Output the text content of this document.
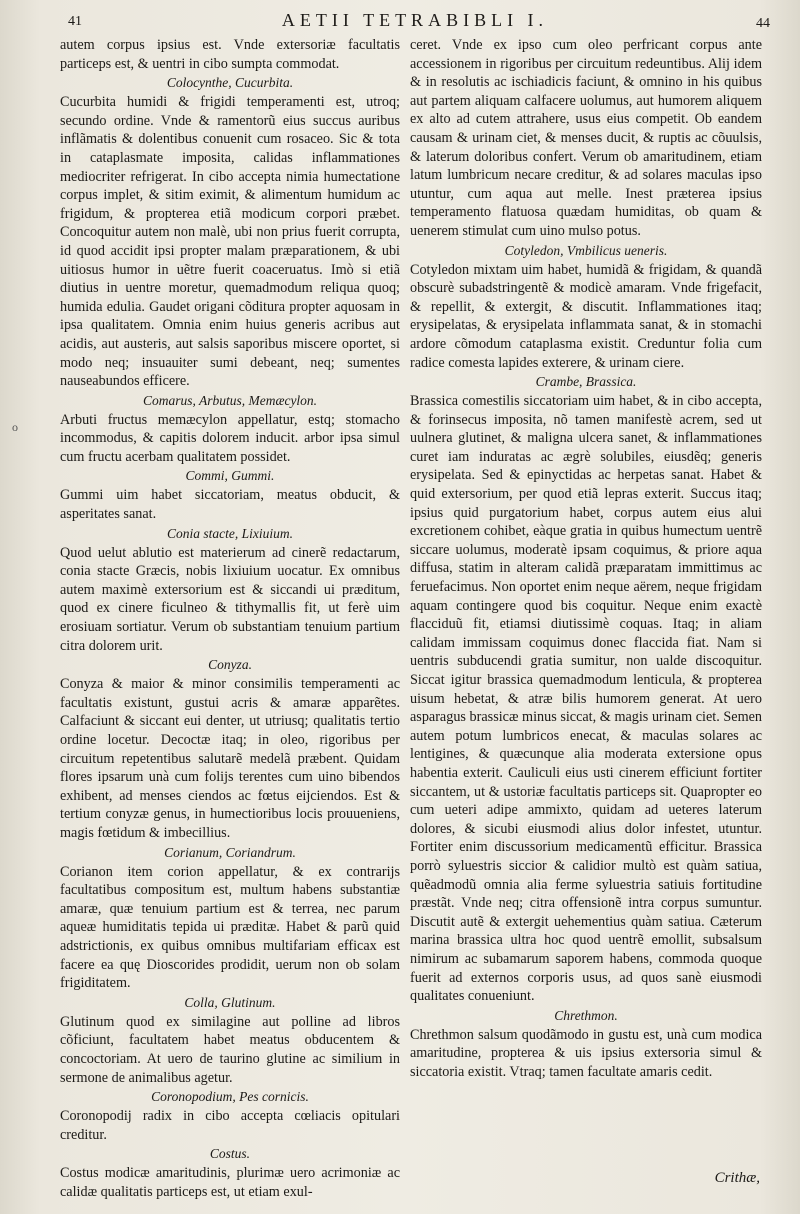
41	AETII TETRABIBLI I.	44
o

autem corpus ipsius est. Vnde extersoriæ facultatis particeps est, & uentri in cibo sumpta commodat.

Colocynthe, Cucurbita.

Cucurbita humidi & frigidi temperamenti est, utroq; secundo ordine. Vnde & ramentorũ eius succus auribus inflãmatis & dolentibus conuenit cum rosaceo. Sic & tota in cataplasmate imposita, calidas inflammationes mediocriter refrigerat. In cibo accepta nimia humectatione corpus implet, & sitim eximit, & alimentum humidum ac frigidum, & propterea etiã modicum corpori præbet. Concoquitur autem non malè, ubi non prius fuerit corrupta, id quod accidit ipsi propter malam præparationem, & ubi uitiosus humor in uẽtre fuerit coaceruatus. Imò si etiã diutius in uentre moretur, quemadmodum reliqua quoq; humida edulia. Gaudet origani cõditura propter aquosam in ipsa qualitatem. Omnia enim huius generis acribus aut acidis, aut austeris, aut salsis saporibus miscere oportet, si modo neq; insuauiter sumi debeant, neq; sumentes nauseabundos efficere.

Comarus, Arbutus, Memæcylon.

Arbuti fructus memæcylon appellatur, estq; stomacho incommodus, & capitis dolorem inducit. arbor ipsa simul cum fructu acerbam qualitatem possidet.

Commi, Gummi.

Gummi uim habet siccatoriam, meatus obducit, & asperitates sanat.

Conia stacte, Lixiuium.

Quod uelut ablutio est materierum ad cinerẽ redactarum, conia stacte Græcis, nobis lixiuium uocatur. Ex omnibus autem maximè extersorium est & siccandi ui præditum, quod ex cinere ficulneo & tithymallis fit, ut ferè uim erosiuam sortiatur. Verum ob substantiam tenuium partium citra dolorem urit.

Conyza.

Conyza & maior & minor consimilis temperamenti ac facultatis existunt, gustui acris & amaræ apparẽtes. Calfaciunt & siccant eui denter, ut utriusq; qualitatis tertio ordine locetur. Decoctæ itaq; in oleo, rigoribus per circuitum repetentibus salutarẽ medelã præbent. Quidam flores ipsarum unà cum folijs terentes cum uino bibendos exhibent, ad menses ciendos ac fœtus eijciendos. Est & tertium conyzæ genus, in humectioribus locis prouueniens, magis fœtidum & imbecillius.

Corianum, Coriandrum.

Corianon item corion appellatur, & ex contrarijs facultatibus compositum est, multum habens substantiæ amaræ, quæ tenuium partium est & terrea, nec parum aqueæ humiditatis tepida ui præditæ. Habet & parũ quid adstrictionis, ex quibus omnibus multifariam efficax est facere ea quę Dioscorides prodidit, uerum non ob solam frigiditatem.

Colla, Glutinum.

Glutinum quod ex similagine aut polline ad libros cõficiunt, facultatem habet meatus obducentem & concoctoriam. At uero de taurino glutine ac similium in sermone de animalibus agetur.

Coronopodium, Pes cornicis.

Coronopodij radix in cibo accepta cœliacis opitulari creditur.

Costus.

Costus modicæ amaritudinis, plurimæ uero acrimoniæ ac calidæ qualitatis particeps est, ut etiam exul-

ceret. Vnde ex ipso cum oleo perfricant corpus ante accessionem in rigoribus per circuitum redeuntibus. Alij idem & in resolutis ac ischiadicis faciunt, & omnino in his quibus aut partem aliquam calfacere uolumus, aut humorem aliquem ex alto ad cutem attrahere, usus eius competit. Ob eandem causam & urinam ciet, & menses ducit, & ruptis ac cõuulsis, & laterum doloribus confert. Verum ob amaritudinem, etiam latum lumbricum necare creditur, & ad solares maculas ipso utuntur, cum aqua aut melle. Inest præterea ipsius temperamento flatuosa quædam humiditas, ob quam & uenerem stimulat cum uino mulso potus.

Cotyledon, Vmbilicus ueneris.

Cotyledon mixtam uim habet, humidã & frigidam, & quandã obscurè subadstringentẽ & modicè amaram. Vnde frigefacit, & repellit, & extergit, & discutit. Inflammationes itaq; erysipelatas, & erysipelata inflammata sanat, & in stomachi ardore cõmodum cataplasma existit. Creduntur folia cum radice comesta lapides exterere, & urinam ciere.

Crambe, Brassica.

Brassica comestilis siccatoriam uim habet, & in cibo accepta, & forinsecus imposita, nõ tamen manifestè acrem, sed ut uulnera glutinet, & maligna ulcera sanet, & inflammationes curet iam induratas ac ægrè solubiles, eiusdẽq; generis erysipelata. Sed & epinyctidas ac herpetas sanat. Habet & quid extersorium, per quod etiã lepras exterit. Succus itaq; ipsius quid purgatorium habet, corpus autem eius alui excretionem cohibet, eàque gratia in quibus humectum uentrẽ siccare uolumus, moderatè ipsam coquimus, & priore aqua diffusa, statim in alteram calidã præparatam immittimus ac feruefacimus. Non oportet enim neque aërem, neque frigidam aquam contingere quod bis coquitur. Neque enim exactè flacciduũ fit, etiamsi diutissimè coquas. Itaq; in aliam calidam immissam coquimus donec flaccida fiat. Nam si uentris subducendi gratia sumitur, non ualde discoquitur. Siccat igitur brassica quemadmodum lenticula, & propterea uisum hebetat, & atræ bilis humorem generat. At uero asparagus brassicæ minus siccat, & magis urinam ciet. Semen autem potum lumbricos enecat, & maculas solares ac lentigines, & quæcunque alia moderata extersione opus habentia exterit. Cauliculi eius usti cinerem efficiunt fortiter siccantem, ut & ustoriæ facultatis particeps sit. Quapropter eo cum ueteri adipe ammixto, quidam ad ueteres laterum dolores, & sicubi eiusmodi alius dolor infestet, utuntur. Fortiter enim discussorium medicamentũ efficitur. Brassica porrò syluestris siccior & calidior multò est quàm satiua, quẽadmodũ omnia alia ferme syluestria satiuis fortitudine præstãt. Vnde neq; citra offensionẽ intra corpus sumuntur. Discutit autẽ & extergit uehementius quàm satiua. Cæterum marina brassica ultra hoc quod uentrẽ emollit, subsalsum nimirum ac subamarum saporem habens, commoda quoque fuerit ad externos corporis usus, ad quos sanè eiusmodi qualitates conueniunt.

Chrethmon.

Chrethmon salsum quodãmodo in gustu est, unà cum modica amaritudine, propterea & uis ipsius extersoria simul & siccatoria existit. Vtraq; tamen facultate amaris cedit.

Crithæ,
